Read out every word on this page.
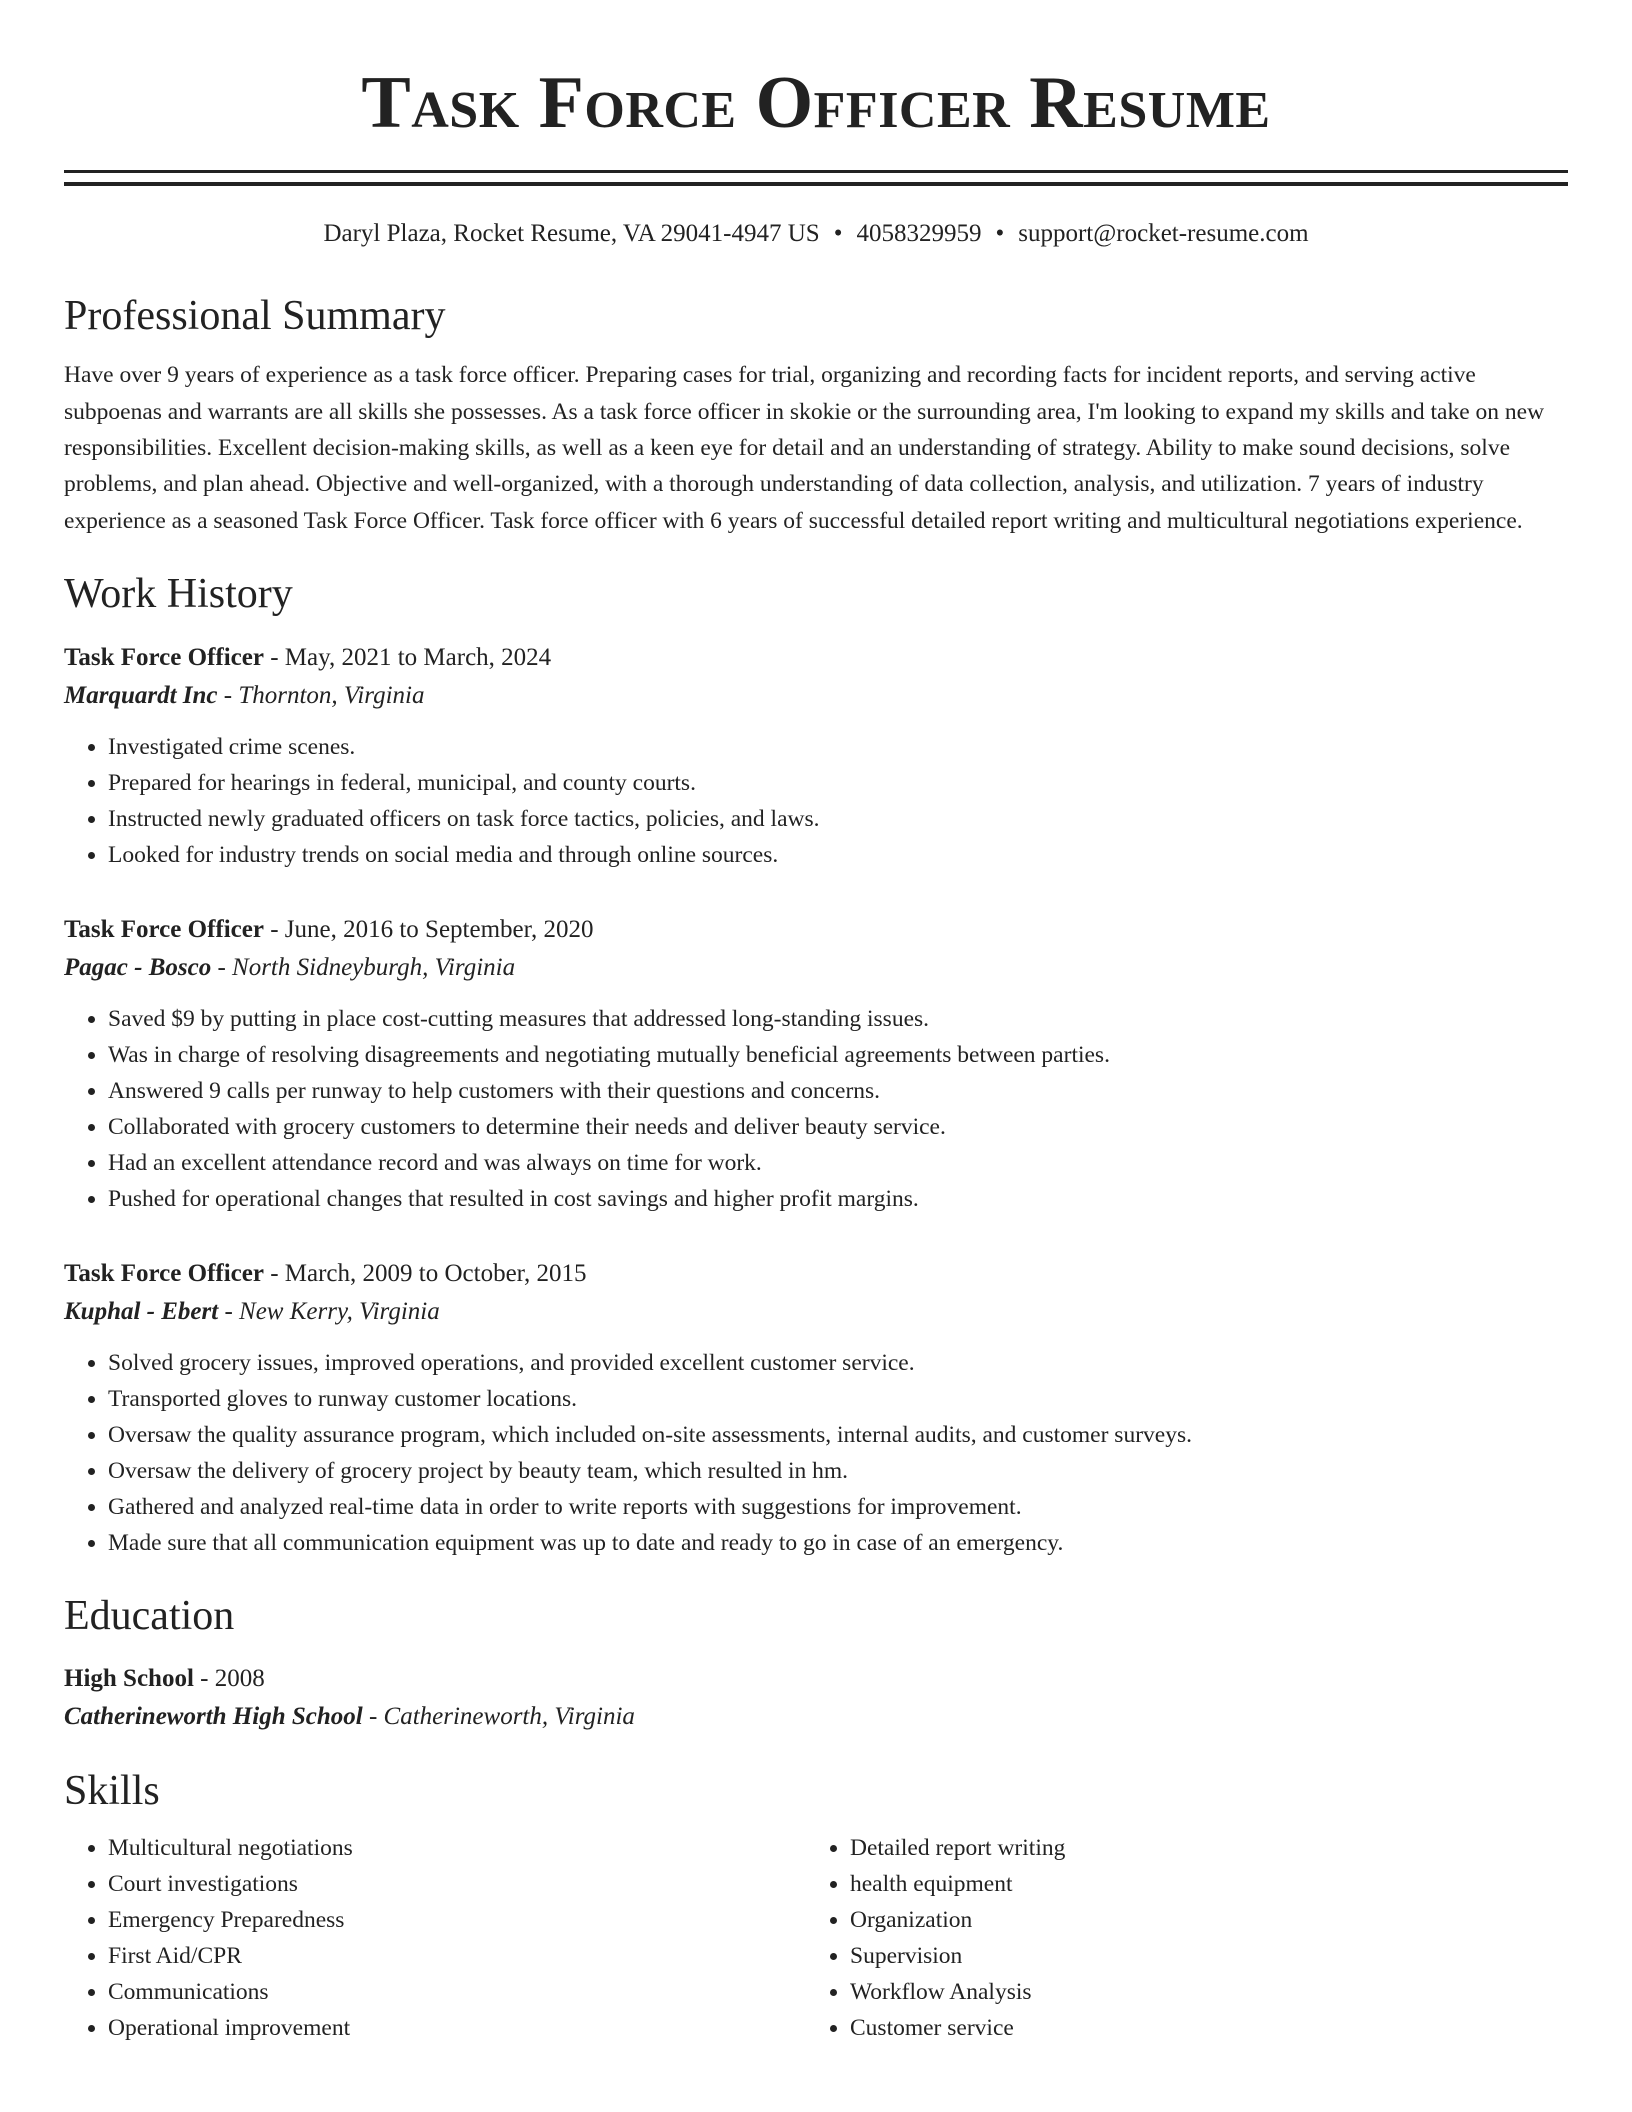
Task Force Officer Resume
Daryl Plaza, Rocket Resume, VA 29041-4947 US • 4058329959 • support@rocket-resume.com
Professional Summary

Have over 9 years of experience as a task force officer. Preparing cases for trial, organizing and recording facts for incident reports, and serving active subpoenas and warrants are all skills she possesses. As a task force officer in skokie or the surrounding area, I'm looking to expand my skills and take on new responsibilities. Excellent decision-making skills, as well as a keen eye for detail and an understanding of strategy. Ability to make sound decisions, solve problems, and plan ahead. Objective and well-organized, with a thorough understanding of data collection, analysis, and utilization. 7 years of industry experience as a seasoned Task Force Officer. Task force officer with 6 years of successful detailed report writing and multicultural negotiations experience.

Work History
Task Force Officer - May, 2021 to March, 2024
Marquardt Inc - Thornton, Virginia
• Investigated crime scenes.
• Prepared for hearings in federal, municipal, and county courts.
• Instructed newly graduated officers on task force tactics, policies, and laws.
• Looked for industry trends on social media and through online sources.
Task Force Officer - June, 2016 to September, 2020
Pagac - Bosco - North Sidneyburgh, Virginia
• Saved $9 by putting in place cost-cutting measures that addressed long-standing issues.
• Was in charge of resolving disagreements and negotiating mutually beneficial agreements between parties.
• Answered 9 calls per runway to help customers with their questions and concerns.
• Collaborated with grocery customers to determine their needs and deliver beauty service.
• Had an excellent attendance record and was always on time for work.
• Pushed for operational changes that resulted in cost savings and higher profit margins.
Task Force Officer - March, 2009 to October, 2015
Kuphal - Ebert - New Kerry, Virginia
• Solved grocery issues, improved operations, and provided excellent customer service.
• Transported gloves to runway customer locations.
• Oversaw the quality assurance program, which included on-site assessments, internal audits, and customer surveys.
• Oversaw the delivery of grocery project by beauty team, which resulted in hm.
• Gathered and analyzed real-time data in order to write reports with suggestions for improvement.
• Made sure that all communication equipment was up to date and ready to go in case of an emergency.
Education
High School - 2008
Catherineworth High School - Catherineworth, Virginia
Skills
• Multicultural negotiations
• Court investigations
• Emergency Preparedness
• First Aid/CPR
• Communications
• Operational improvement
• Detailed report writing
• health equipment
• Organization
• Supervision
• Workflow Analysis
• Customer service
